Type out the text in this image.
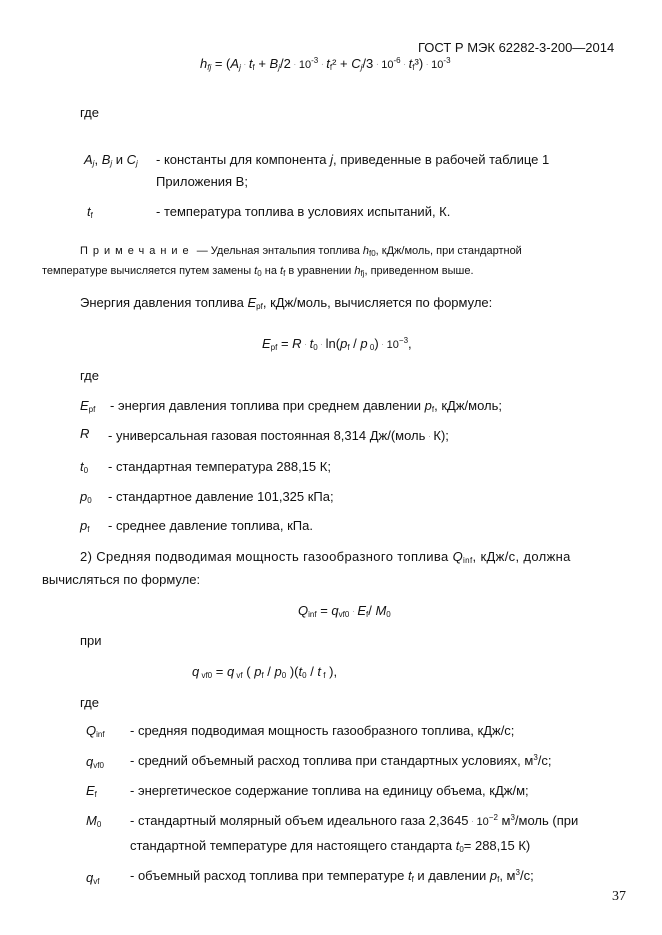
ГОСТ Р МЭК 62282-3-200—2014
$h_{fj} = (A_j \cdot t_f + B_j/2 \cdot 10^{-3} \cdot t_f^2 + C_j/3 \cdot 10^{-6} \cdot t_f^3) \cdot 10^{-3}$
где
$A_j$, $B_j$ и $C_j$ - константы для компонента j, приведенные в рабочей таблице 1
Приложения В;
$t_f$	- температура топлива в условиях испытаний, К.
Примечание — Удельная энтальпия топлива $h_{f0}$, кДж/моль, при стандартной
температуре вычисляется путем замены $t_0$ на $t_f$ в уравнении $h_{fj}$, приведенном выше.
Энергия давления топлива $E_{pf}$, кДж/моль, вычисляется по формуле:
$E_{pf} = R \cdot t_0 \cdot \ln(p_f / p$ $_0) \cdot 10^{-3}$,
где
$E_{pf}$ - энергия давления топлива при среднем давлении $p_f$, кДж/моль;
R - универсальная газовая постоянная 8,314 Дж/(моль · К);
$t_0$ - стандартная температура 288,15 К;
$p_0$ - стандартное давление 101,325 кПа;
$p_f$ - среднее давление топлива, кПа.
2) Средняя подводимая мощность газообразного топлива $Q_{inf}$, кДж/с, должна
вычисляться по формуле:
$Q_{inf} = q_{vf0} \cdot E_f/$ $M_0$
при
q $_{vf0}$ = q $_{vf}$ ( $p_f / p_0$ )($t_0$ / t $_f$ ),
где
$Q_{inf}$ - средняя подводимая мощность газообразного топлива, кДж/с;
$q_{vf0}$ - средний объемный расход топлива при стандартных условиях, $м^3/с$;
$E_f$	- энергетическое содержание топлива на единицу объема, кДж/м;
$M_0$ - стандартный молярный объем идеального газа $2,3645 \cdot 10^{-2}$ $м^3$/моль (при
стандартной температуре для настоящего стандарта $t_0= 288,15$ К)
$q_{vf}$ - объемный расход топлива при температуре $t_f$ и давлении $p_f$, $м^3/с$;
37
